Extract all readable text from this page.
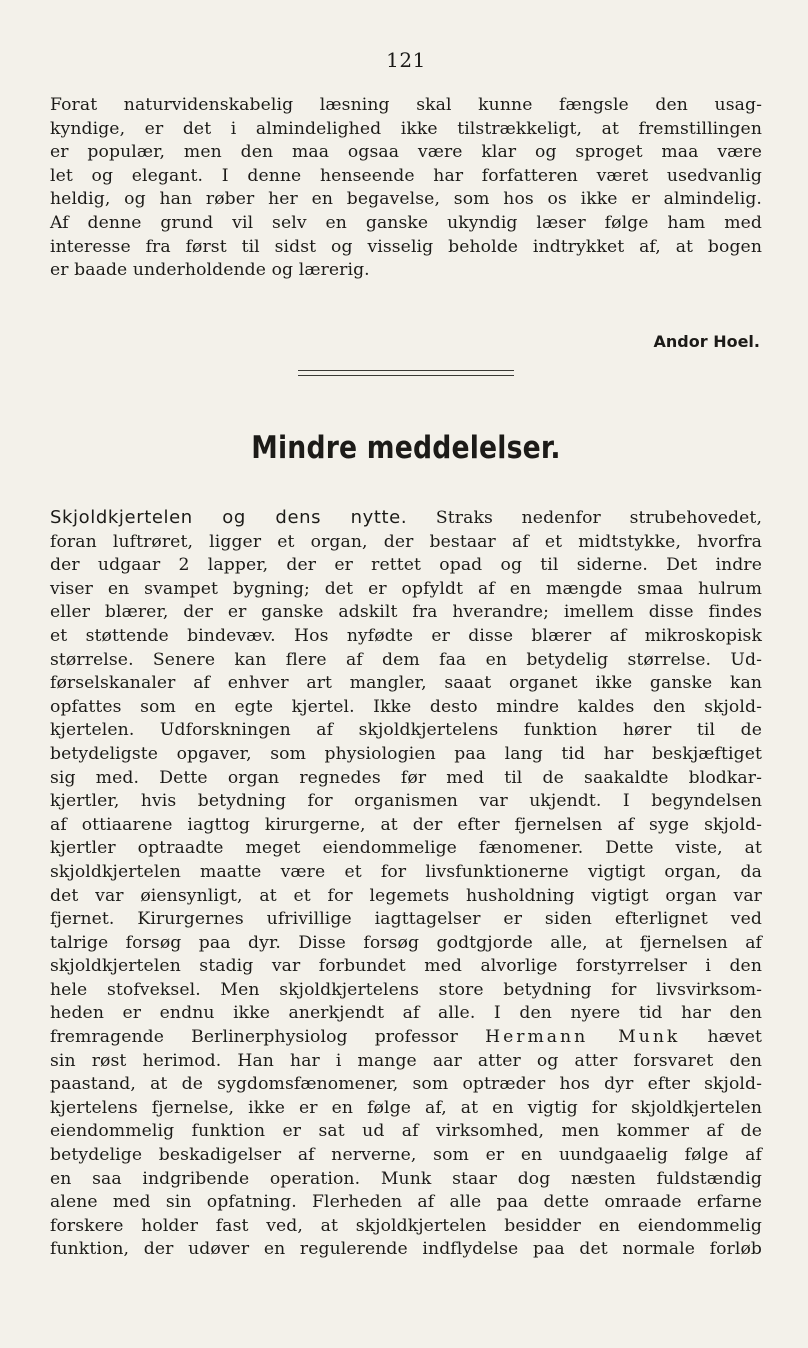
121
Forat naturvidenskabelig læsning skal kunne fængsle den usag-
kyndige, er det i almindelighed ikke tilstrækkeligt, at fremstillingen
er populær, men den maa ogsaa være klar og sproget maa være
let og elegant. I denne henseende har forfatteren været usedvanlig
heldig, og han røber her en begavelse, som hos os ikke er almindelig.
Af denne grund vil selv en ganske ukyndig læser følge ham med
interesse fra først til sidst og visselig beholde indtrykket af, at bogen
er baade underholdende og lærerig.
Andor Hoel.
Mindre meddelelser.
Skjoldkjertelen og dens nytte. Straks nedenfor strubehovedet,
foran luftrøret, ligger et organ, der bestaar af et midtstykke, hvorfra
der udgaar 2 lapper, der er rettet opad og til siderne. Det indre
viser en svampet bygning; det er opfyldt af en mængde smaa hulrum
eller blærer, der er ganske adskilt fra hverandre; imellem disse findes
et støttende bindevæv. Hos nyfødte er disse blærer af mikroskopisk
størrelse. Senere kan flere af dem faa en betydelig størrelse. Ud-
førselskanaler af enhver art mangler, saaat organet ikke ganske kan
opfattes som en egte kjertel. Ikke desto mindre kaldes den skjold-
kjertelen. Udforskningen af skjoldkjertelens funktion hører til de
betydeligste opgaver, som physiologien paa lang tid har beskjæftiget
sig med. Dette organ regnedes før med til de saakaldte blodkar-
kjertler, hvis betydning for organismen var ukjendt. I begyndelsen
af ottiaarene iagttog kirurgerne, at der efter fjernelsen af syge skjold-
kjertler optraadte meget eiendommelige fænomener. Dette viste, at
skjoldkjertelen maatte være et for livsfunktionerne vigtigt organ, da
det var øiensynligt, at et for legemets husholdning vigtigt organ var
fjernet. Kirurgernes ufrivillige iagttagelser er siden efterlignet ved
talrige forsøg paa dyr. Disse forsøg godtgjorde alle, at fjernelsen af
skjoldkjertelen stadig var forbundet med alvorlige forstyrrelser i den
hele stofveksel. Men skjoldkjertelens store betydning for livsvirksom-
heden er endnu ikke anerkjendt af alle. I den nyere tid har den
fremragende Berlinerphysiolog professor Hermann Munk hævet
sin røst herimod. Han har i mange aar atter og atter forsvaret den
paastand, at de sygdomsfænomener, som optræder hos dyr efter skjold-
kjertelens fjernelse, ikke er en følge af, at en vigtig for skjoldkjertelen
eiendommelig funktion er sat ud af virksomhed, men kommer af de
betydelige beskadigelser af nerverne, som er en uundgaaelig følge af
en saa indgribende operation. Munk staar dog næsten fuldstændig
alene med sin opfatning. Flerheden af alle paa dette omraade erfarne
forskere holder fast ved, at skjoldkjertelen besidder en eiendommelig
funktion, der udøver en regulerende indflydelse paa det normale forløb
